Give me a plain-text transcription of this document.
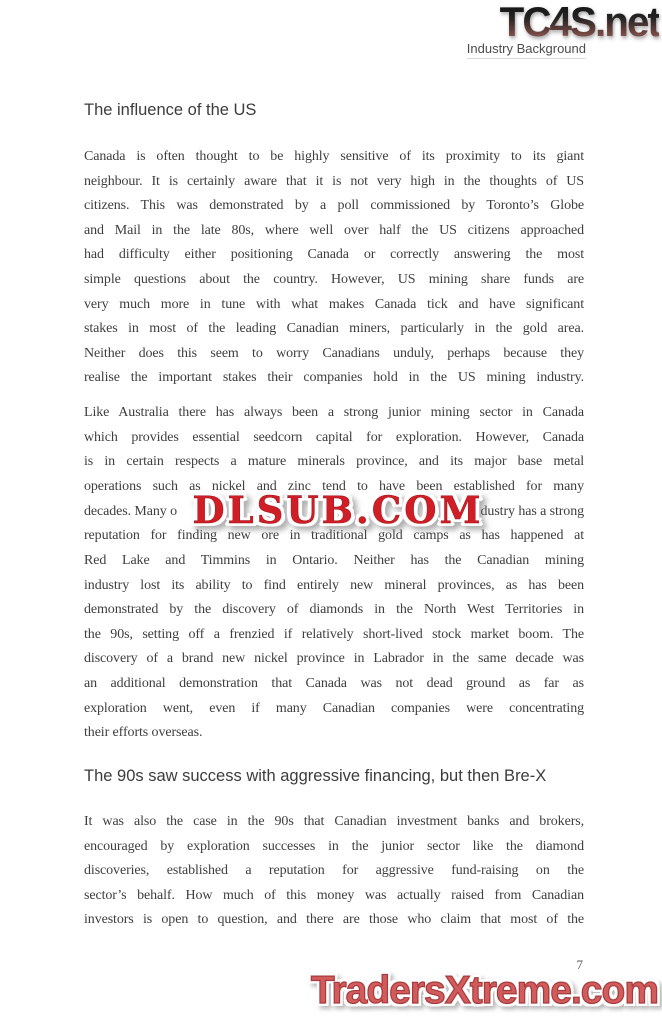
TC4S.net
Industry Background
The influence of the US
Canada is often thought to be highly sensitive of its proximity to its giant
neighbour. It is certainly aware that it is not very high in the thoughts of US
citizens. This was demonstrated by a poll commissioned by Toronto’s Globe
and Mail in the late 80s, where well over half the US citizens approached
had difficulty either positioning Canada or correctly answering the most
simple questions about the country. However, US mining share funds are
very much more in tune with what makes Canada tick and have significant
stakes in most of the leading Canadian miners, particularly in the gold area.
Neither does this seem to worry Canadians unduly, perhaps because they
realise the important stakes their companies hold in the US mining industry.
Like Australia there has always been a strong junior mining sector in Canada
which provides essential seedcorn capital for exploration. However, Canada
is in certain respects a mature minerals province, and its major base metal
operations such as nickel and zinc tend to have been established for many
decades. Many o	dustry has a strong
reputation for finding new ore in traditional gold camps as has happened at
Red Lake and Timmins in Ontario. Neither has the Canadian mining
industry lost its ability to find entirely new mineral provinces, as has been
demonstrated by the discovery of diamonds in the North West Territories in
the 90s, setting off a frenzied if relatively short-lived stock market boom. The
discovery of a brand new nickel province in Labrador in the same decade was
an additional demonstration that Canada was not dead ground as far as
exploration went, even if many Canadian companies were concentrating
their efforts overseas.
DLSUB.COM
The 90s saw success with aggressive financing, but then Bre-X
It was also the case in the 90s that Canadian investment banks and brokers,
encouraged by exploration successes in the junior sector like the diamond
discoveries, established a reputation for aggressive fund-raising on the
sector’s behalf. How much of this money was actually raised from Canadian
investors is open to question, and there are those who claim that most of the
7
TradersXtreme.com
